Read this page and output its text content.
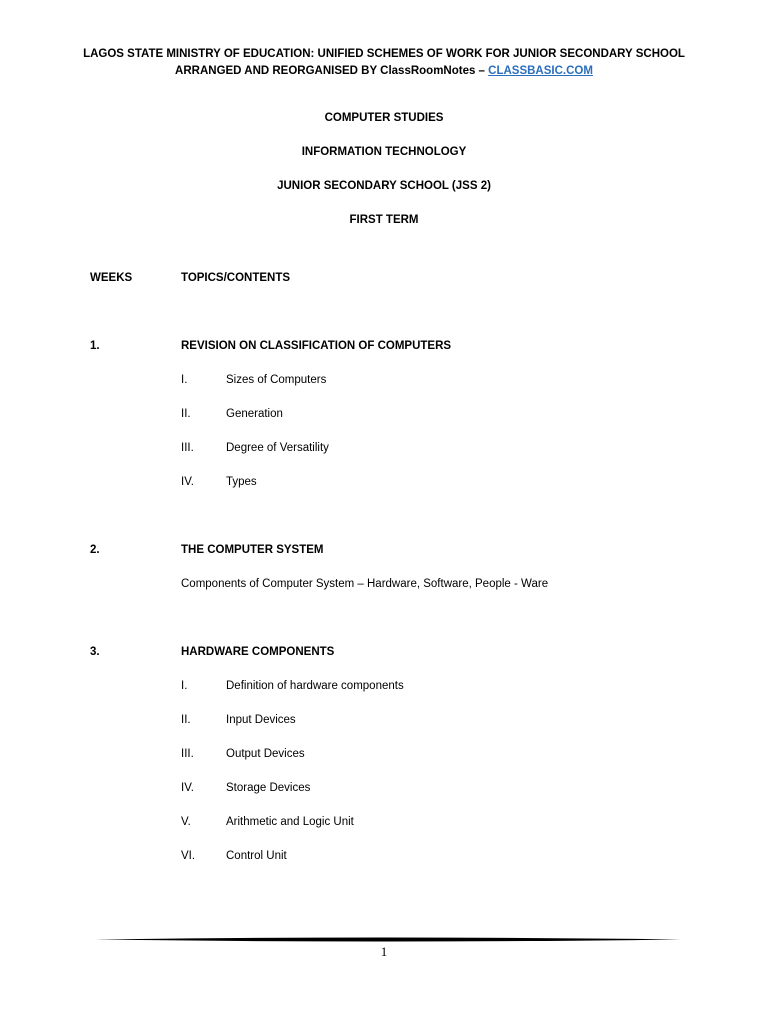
LAGOS STATE MINISTRY OF EDUCATION: UNIFIED SCHEMES OF WORK FOR JUNIOR SECONDARY SCHOOL
ARRANGED AND REORGANISED BY ClassRoomNotes – CLASSBASIC.COM
COMPUTER STUDIES
INFORMATION TECHNOLOGY
JUNIOR SECONDARY SCHOOL (JSS 2)
FIRST TERM
WEEKS	TOPICS/CONTENTS
1.	REVISION ON CLASSIFICATION OF COMPUTERS
I.	Sizes of Computers
II.	Generation
III.	Degree of Versatility
IV.	Types
2.	THE COMPUTER SYSTEM
Components of Computer System – Hardware, Software, People - Ware
3.	HARDWARE COMPONENTS
I.	Definition of hardware components
II.	Input Devices
III.	Output Devices
IV.	Storage Devices
V.	Arithmetic and Logic Unit
VI.	Control Unit
1
